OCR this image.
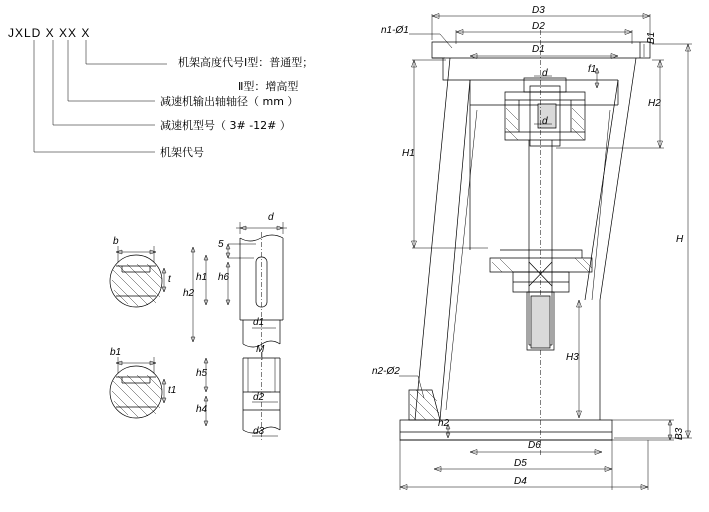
JXLD X XX X
机架高度代号Ⅰ型：普通型；
Ⅱ型：增高型
减速机输出轴轴径（ mm ）
减速机型号（ 3# -12# ）
机架代号
b
t
b1
t1
d
5
h6
h1
h2
d1
M
h5
h4
d2
d3
D3
D2
D1
n1-Ø1
n2-Ø2
H1
H3
H2
H
d
d
f1
B1
h2
B3
D6
D5
D4
